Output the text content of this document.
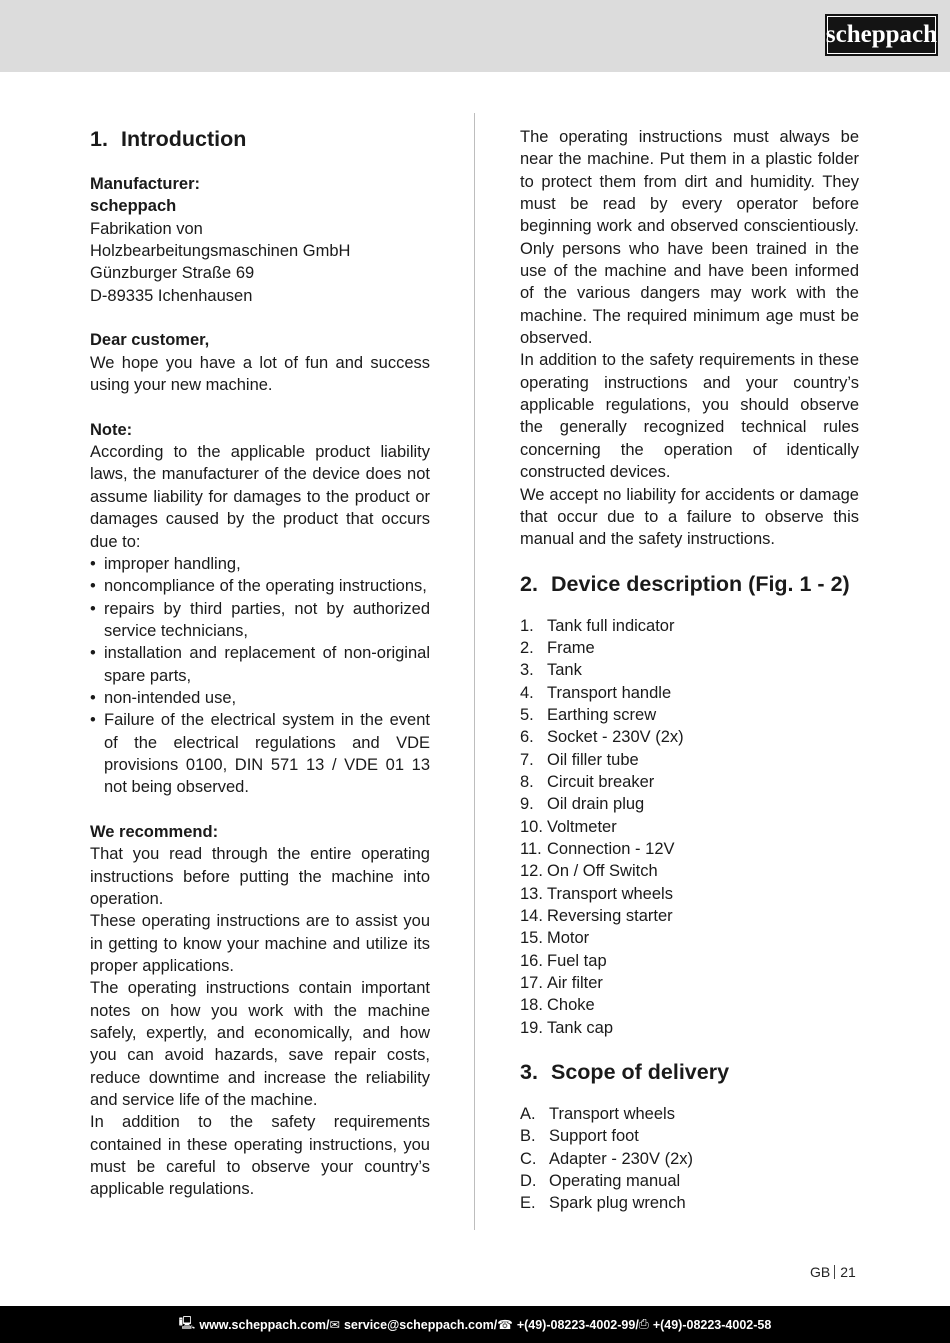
scheppach
1. Introduction
Manufacturer:
scheppach
Fabrikation von
Holzbearbeitungsmaschinen GmbH
Günzburger Straße 69
D-89335 Ichenhausen
Dear customer,

We hope you have a lot of fun and success using your new machine.

Note:

According to the applicable product liability laws, the manufacturer of the device does not assume liability for damages to the product or damages caused by the product that occurs due to:

• improper handling,
• noncompliance of the operating instructions,
• repairs by third parties, not by authorized service technicians,
• installation and replacement of non-original spare parts,
• non-intended use,
• Failure of the electrical system in the event of the electrical regulations and VDE provisions 0100, DIN 571 13 / VDE 01 13 not being observed.
We recommend:

That you read through the entire operating instructions before putting the machine into operation.

These operating instructions are to assist you in getting to know your machine and utilize its proper applications.

The operating instructions contain important notes on how you work with the machine safely, expertly, and economically, and how you can avoid hazards, save repair costs, reduce downtime and increase the reliability and service life of the machine.

In addition to the safety requirements contained in these operating instructions, you must be careful to observe your country’s applicable regulations.

The operating instructions must always be near the machine. Put them in a plastic folder to protect them from dirt and humidity. They must be read by every operator before beginning work and observed conscientiously. Only persons who have been trained in the use of the machine and have been informed of the various dangers may work with the machine. The required minimum age must be observed.

In addition to the safety requirements in these operating instructions and your country’s applicable regulations, you should observe the generally recognized technical rules concerning the operation of identically constructed devices.

We accept no liability for accidents or damage that occur due to a failure to observe this manual and the safety instructions.

2. Device description (Fig. 1 - 2)
1. Tank full indicator
2. Frame
3. Tank
4. Transport handle
5. Earthing screw
6. Socket - 230V (2x)
7. Oil filler tube
8. Circuit breaker
9. Oil drain plug
10. Voltmeter
11. Connection - 12V
12. On / Off Switch
13. Transport wheels
14. Reversing starter
15. Motor
16. Fuel tap
17. Air filter
18. Choke
19. Tank cap
3. Scope of delivery
A. Transport wheels
B. Support foot
C. Adapter - 230V (2x)
D. Operating manual
E. Spark plug wrench
GB 21
🖳 www.scheppach.com / ✉ service@scheppach.com / ☎ +(49)-08223-4002-99 / ⎙ +(49)-08223-4002-58
